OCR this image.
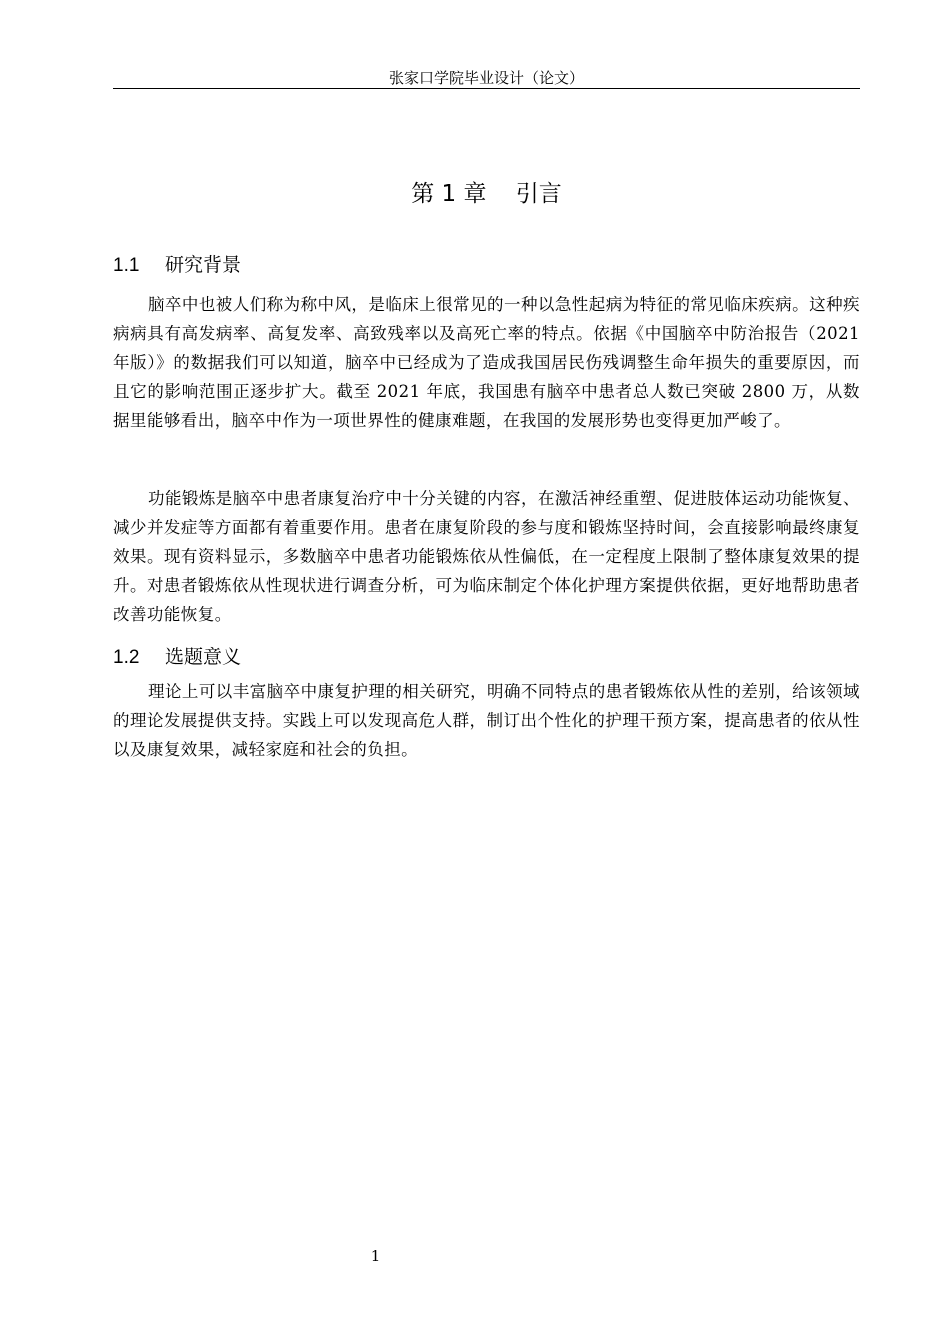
张家口学院毕业设计（论文）
第 1 章    引言
1.1 研究背景

脑卒中也被人们称为称中风，是临床上很常见的一种以急性起病为特征的常见临床疾病。这种疾病病具有高发病率、高复发率、高致残率以及高死亡率的特点。依据《中国脑卒中防治报告（2021 年版）》的数据我们可以知道，脑卒中已经成为了造成我国居民伤残调整生命年损失的重要原因，而且它的影响范围正逐步扩大。截至 2021 年底，我国患有脑卒中患者总人数已突破 2800 万，从数据里能够看出，脑卒中作为一项世界性的健康难题，在我国的发展形势也变得更加严峻了。

功能锻炼是脑卒中患者康复治疗中十分关键的内容，在激活神经重塑、促进肢体运动功能恢复、减少并发症等方面都有着重要作用。患者在康复阶段的参与度和锻炼坚持时间，会直接影响最终康复效果。现有资料显示，多数脑卒中患者功能锻炼依从性偏低，在一定程度上限制了整体康复效果的提升。对患者锻炼依从性现状进行调查分析，可为临床制定个体化护理方案提供依据，更好地帮助患者改善功能恢复。

1.2 选题意义

理论上可以丰富脑卒中康复护理的相关研究，明确不同特点的患者锻炼依从性的差别，给该领域的理论发展提供支持。实践上可以发现高危人群，制订出个性化的护理干预方案，提高患者的依从性以及康复效果，减轻家庭和社会的负担。

1
